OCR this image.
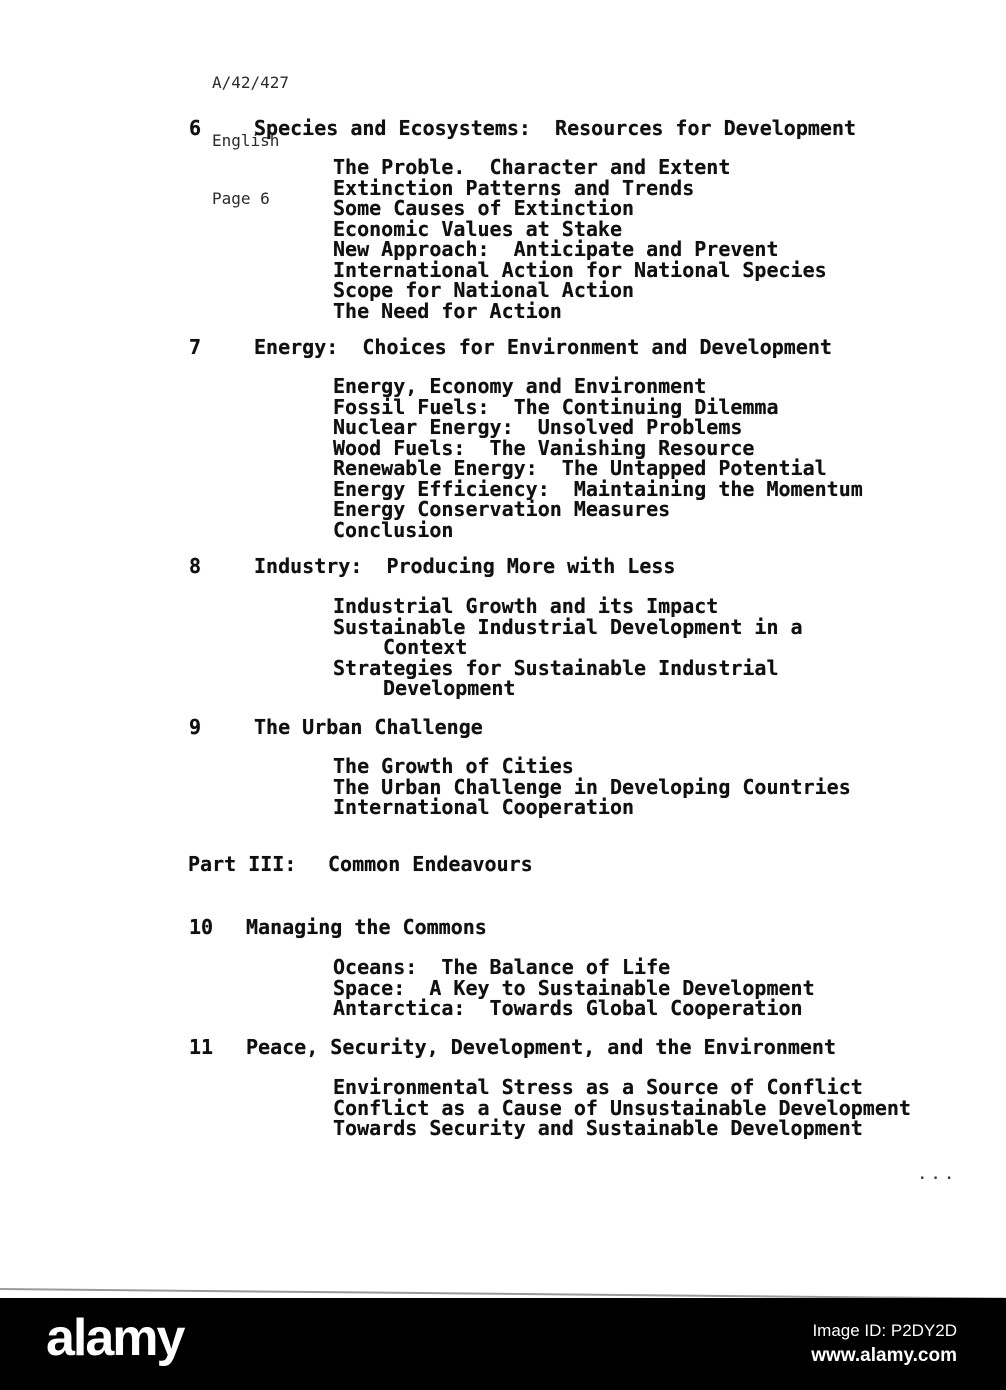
A/42/427

English

Page 6

6	Species and Ecosystems:  Resources for Development
The Proble.  Character and Extent
Extinction Patterns and Trends
Some Causes of Extinction
Economic Values at Stake
New Approach:  Anticipate and Prevent
International Action for National Species
Scope for National Action
The Need for Action
7	Energy:  Choices for Environment and Development
Energy, Economy and Environment
Fossil Fuels:  The Continuing Dilemma
Nuclear Energy:  Unsolved Problems
Wood Fuels:  The Vanishing Resource
Renewable Energy:  The Untapped Potential
Energy Efficiency:  Maintaining the Momentum
Energy Conservation Measures
Conclusion
8	Industry:  Producing More with Less
Industrial Growth and its Impact
Sustainable Industrial Development in a
Context
Strategies for Sustainable Industrial
Development
9	The Urban Challenge
The Growth of Cities
The Urban Challenge in Developing Countries
International Cooperation
Part III: Common Endeavours
10 Managing the Commons
Oceans:  The Balance of Life
Space:  A Key to Sustainable Development
Antarctica:  Towards Global Cooperation
11 Peace, Security, Development, and the Environment
Environmental Stress as a Source of Conflict
Conflict as a Cause of Unsustainable Development
Towards Security and Sustainable Development
...
alamy	Image ID: P2DY2D
www.alamy.com
